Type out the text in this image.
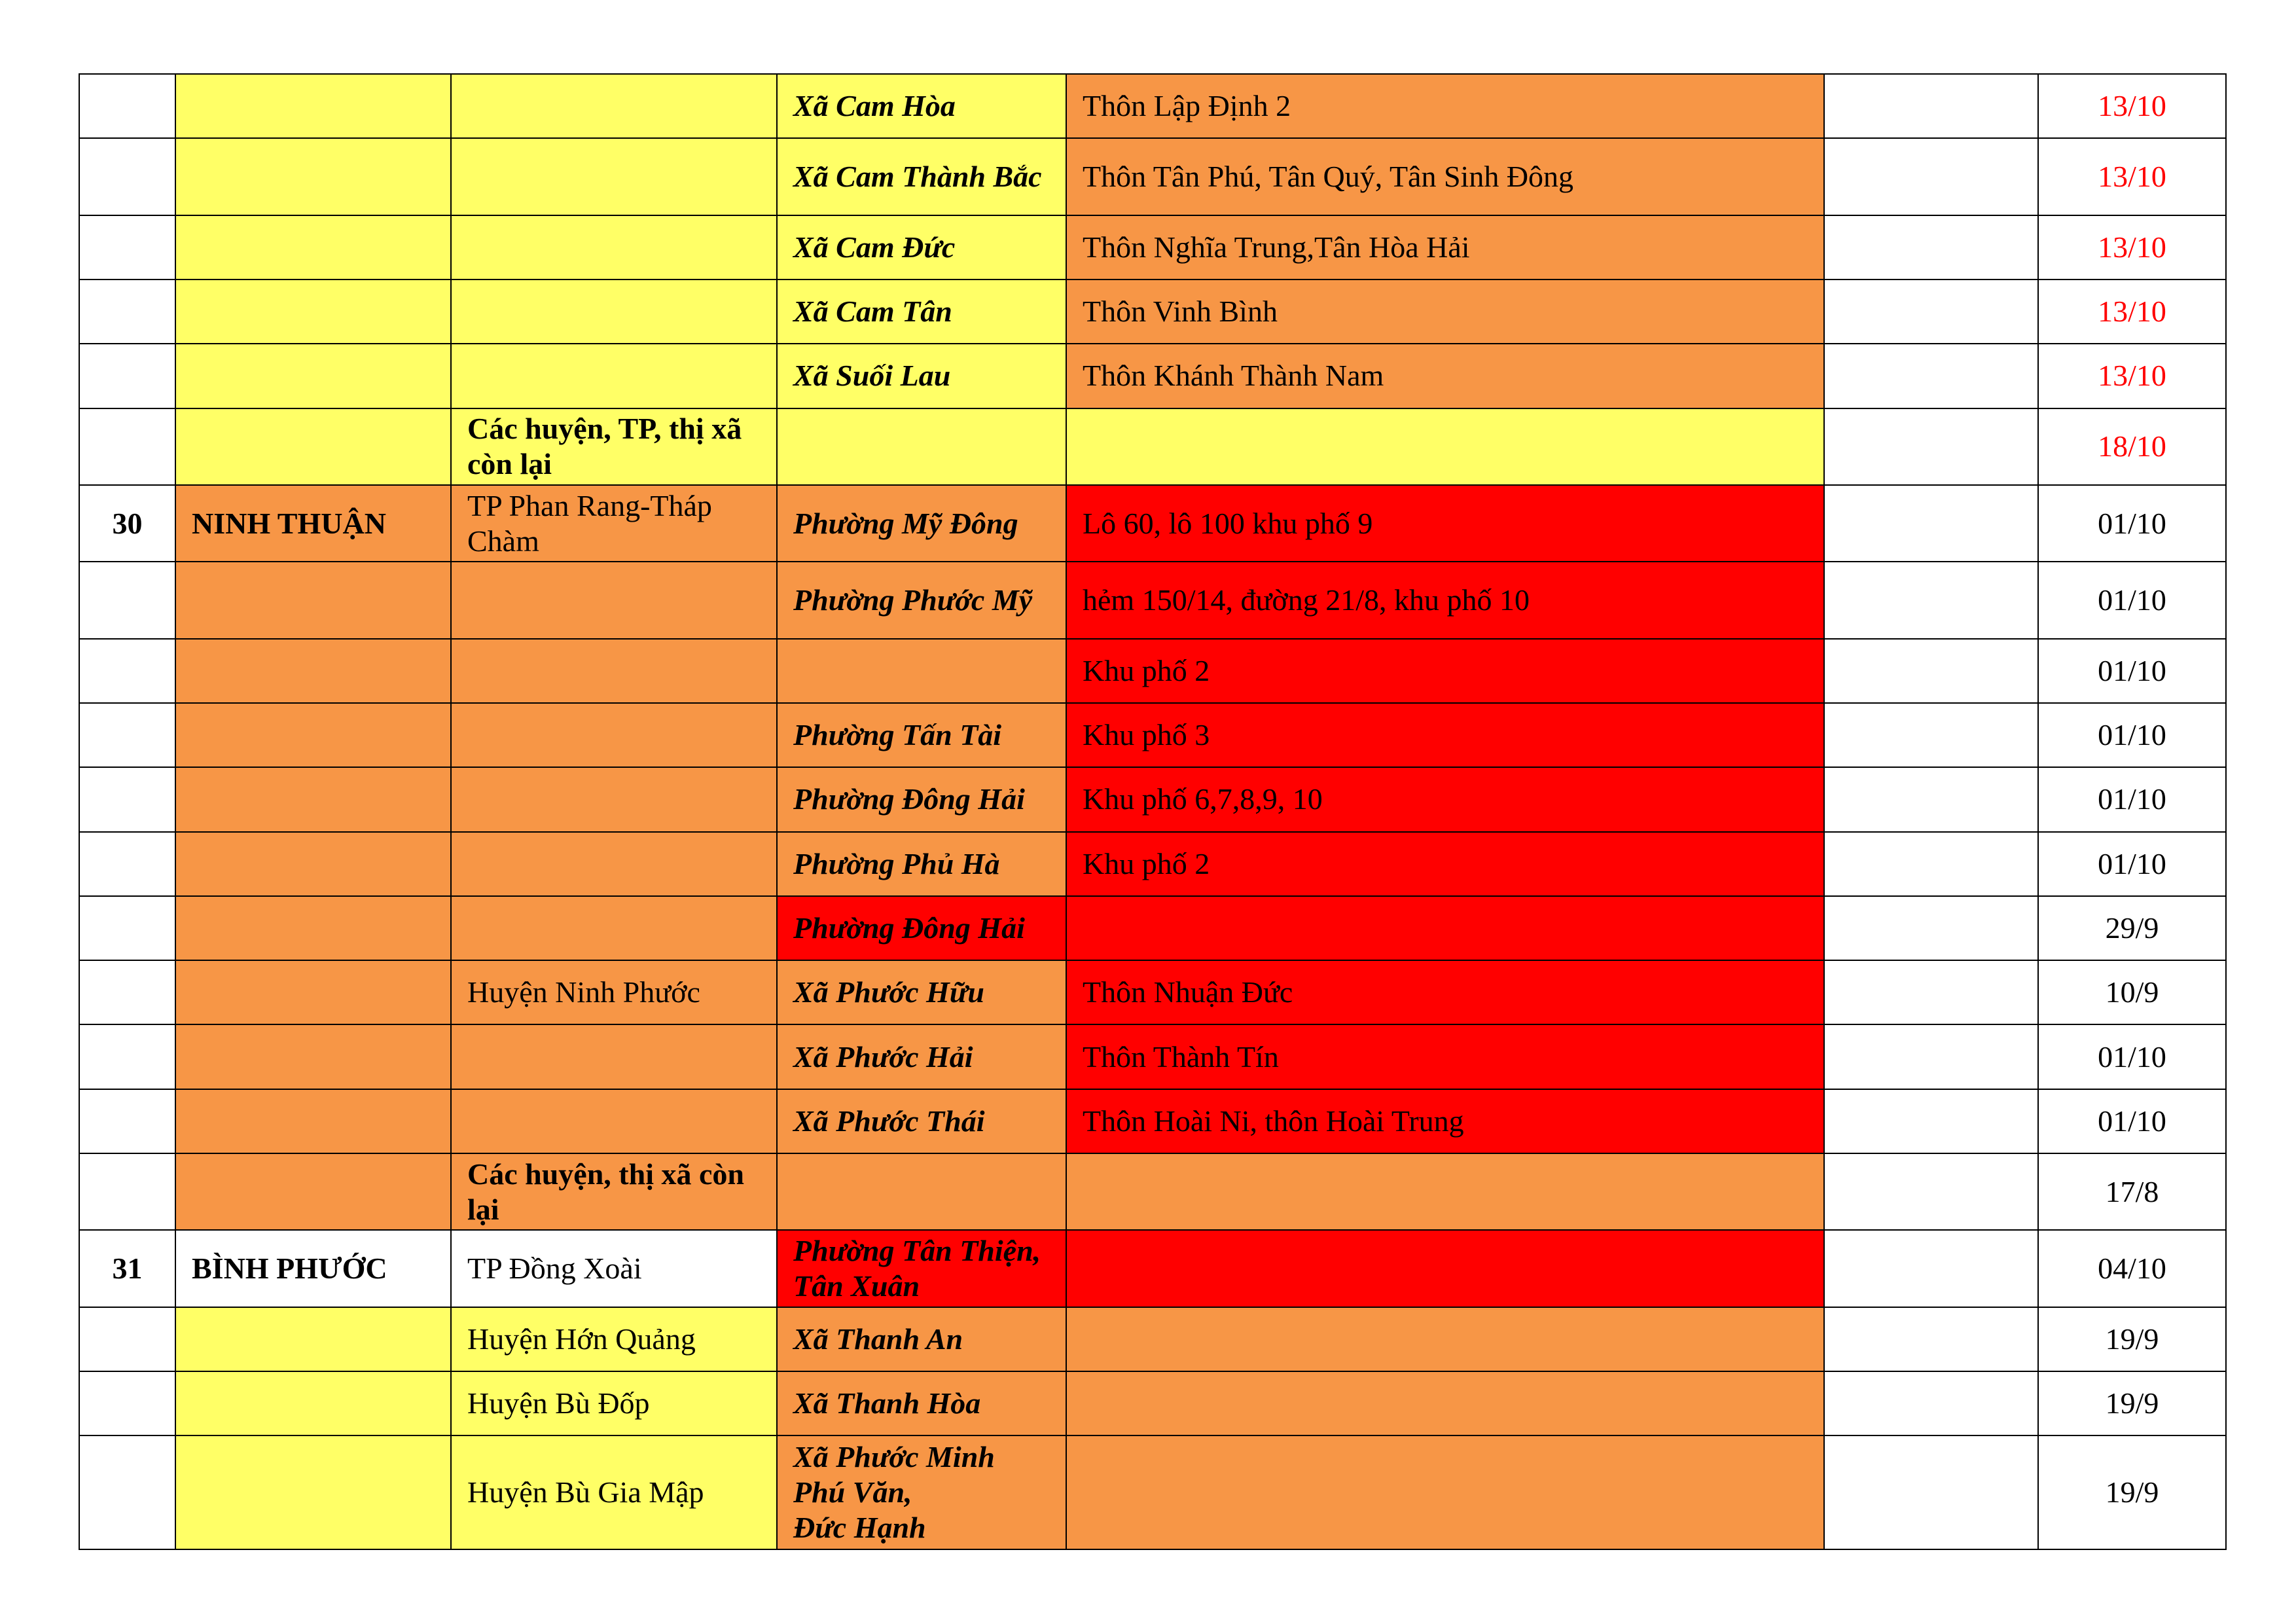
			Xã Cam Hòa	Thôn Lập Định 2		13/10
			Xã Cam Thành Bắc	Thôn Tân Phú, Tân Quý, Tân Sinh Đông		13/10
			Xã Cam Đức	Thôn Nghĩa Trung,Tân Hòa Hải		13/10
			Xã Cam Tân	Thôn Vinh Bình		13/10
			Xã Suối Lau	Thôn Khánh Thành Nam		13/10
		Các huyện, TP, thị xã còn lại				18/10
30	NINH THUẬN	TP Phan Rang-Tháp Chàm	Phường Mỹ Đông	Lô 60, lô 100 khu phố 9		01/10
			Phường Phước Mỹ	hẻm 150/14, đường 21/8, khu phố 10		01/10
				Khu phố 2		01/10
			Phường Tấn Tài	Khu phố 3		01/10
			Phường Đông Hải	Khu phố 6,7,8,9, 10		01/10
			Phường Phủ Hà	Khu phố 2		01/10
			Phường Đông Hải			29/9
		Huyện Ninh Phước	Xã Phước Hữu	Thôn Nhuận Đức		10/9
			Xã Phước Hải	Thôn Thành Tín		01/10
			Xã Phước Thái	Thôn Hoài Ni, thôn Hoài Trung		01/10
		Các huyện, thị xã còn lại				17/8
31	BÌNH PHƯỚC	TP Đồng Xoài	Phường Tân Thiện, Tân Xuân			04/10
		Huyện Hớn Quảng	Xã Thanh An			19/9
		Huyện Bù Đốp	Xã Thanh Hòa			19/9
		Huyện Bù Gia Mập	Xã Phước Minh
Phú Văn,
Đức Hạnh			19/9
